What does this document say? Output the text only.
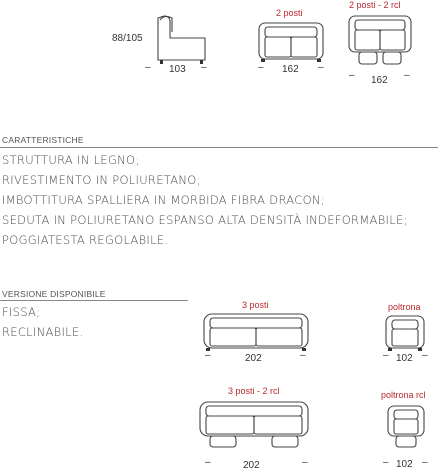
88/105
– 103 –
2 posti
– 162 –
2 posti - 2 rcl
– 162 –
CARATTERISTICHE
STRUTTURA IN LEGNO;
RIVESTIMENTO IN POLIURETANO;
IMBOTTITURA SPALLIERA IN MORBIDA FIBRA DRACON;
SEDUTA IN POLIURETANO ESPANSO ALTA DENSITÀ INDEFORMABILE;
POGGIATESTA REGOLABILE.
VERSIONE DISPONIBILE
FISSA;
RECLINABILE.
3 posti
–	202	–
poltrona
– 102 –
3 posti - 2 rcl
–	202	–
poltrona rcl
– 102 –
